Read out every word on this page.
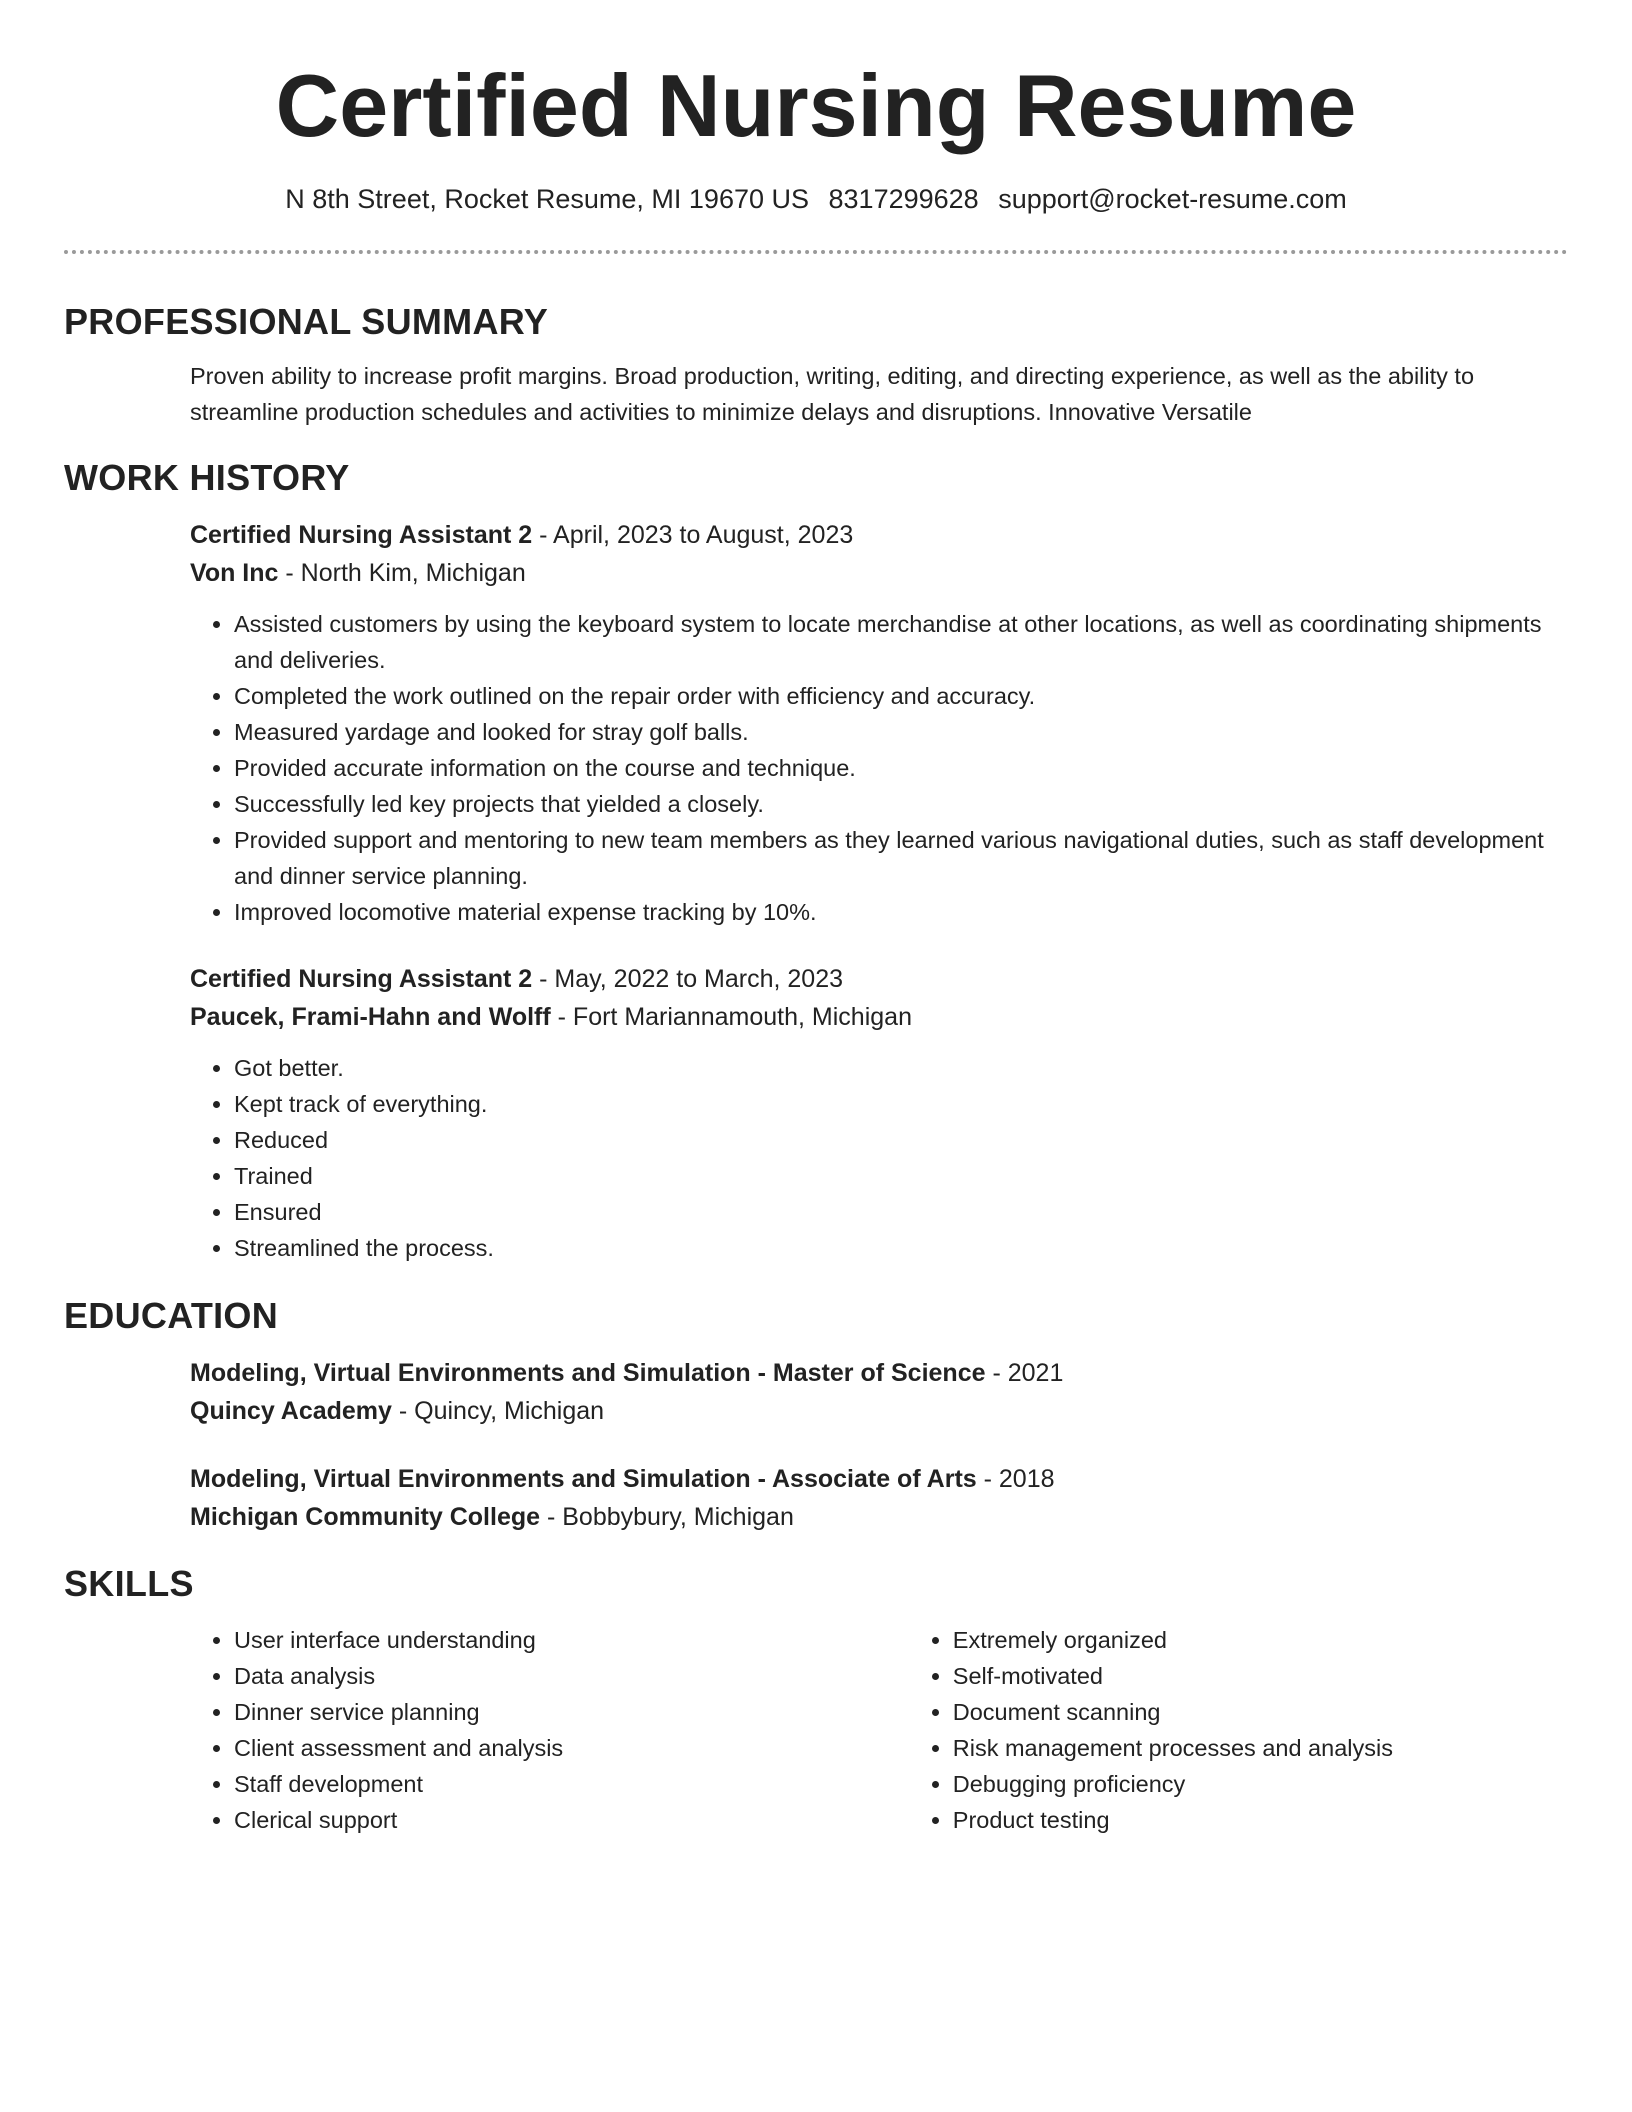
Certified Nursing Resume
N 8th Street, Rocket Resume, MI 19670 US 8317299628 support@rocket-resume.com
PROFESSIONAL SUMMARY

Proven ability to increase profit margins. Broad production, writing, editing, and directing experience, as well as the ability to streamline production schedules and activities to minimize delays and disruptions. Innovative Versatile

WORK HISTORY

Certified Nursing Assistant 2 - April, 2023 to August, 2023

Von Inc - North Kim, Michigan

• Assisted customers by using the keyboard system to locate merchandise at other locations, as well as coordinating shipments and deliveries.
• Completed the work outlined on the repair order with efficiency and accuracy.
• Measured yardage and looked for stray golf balls.
• Provided accurate information on the course and technique.
• Successfully led key projects that yielded a closely.
• Provided support and mentoring to new team members as they learned various navigational duties, such as staff development and dinner service planning.
• Improved locomotive material expense tracking by 10%.

Certified Nursing Assistant 2 - May, 2022 to March, 2023

Paucek, Frami-Hahn and Wolff - Fort Mariannamouth, Michigan

• Got better.
• Kept track of everything.
• Reduced
• Trained
• Ensured
• Streamlined the process.
EDUCATION

Modeling, Virtual Environments and Simulation - Master of Science - 2021

Quincy Academy - Quincy, Michigan

Modeling, Virtual Environments and Simulation - Associate of Arts - 2018

Michigan Community College - Bobbybury, Michigan

SKILLS
• User interface understanding
• Data analysis
• Dinner service planning
• Client assessment and analysis
• Staff development
• Clerical support
• Extremely organized
• Self-motivated
• Document scanning
• Risk management processes and analysis
• Debugging proficiency
• Product testing
